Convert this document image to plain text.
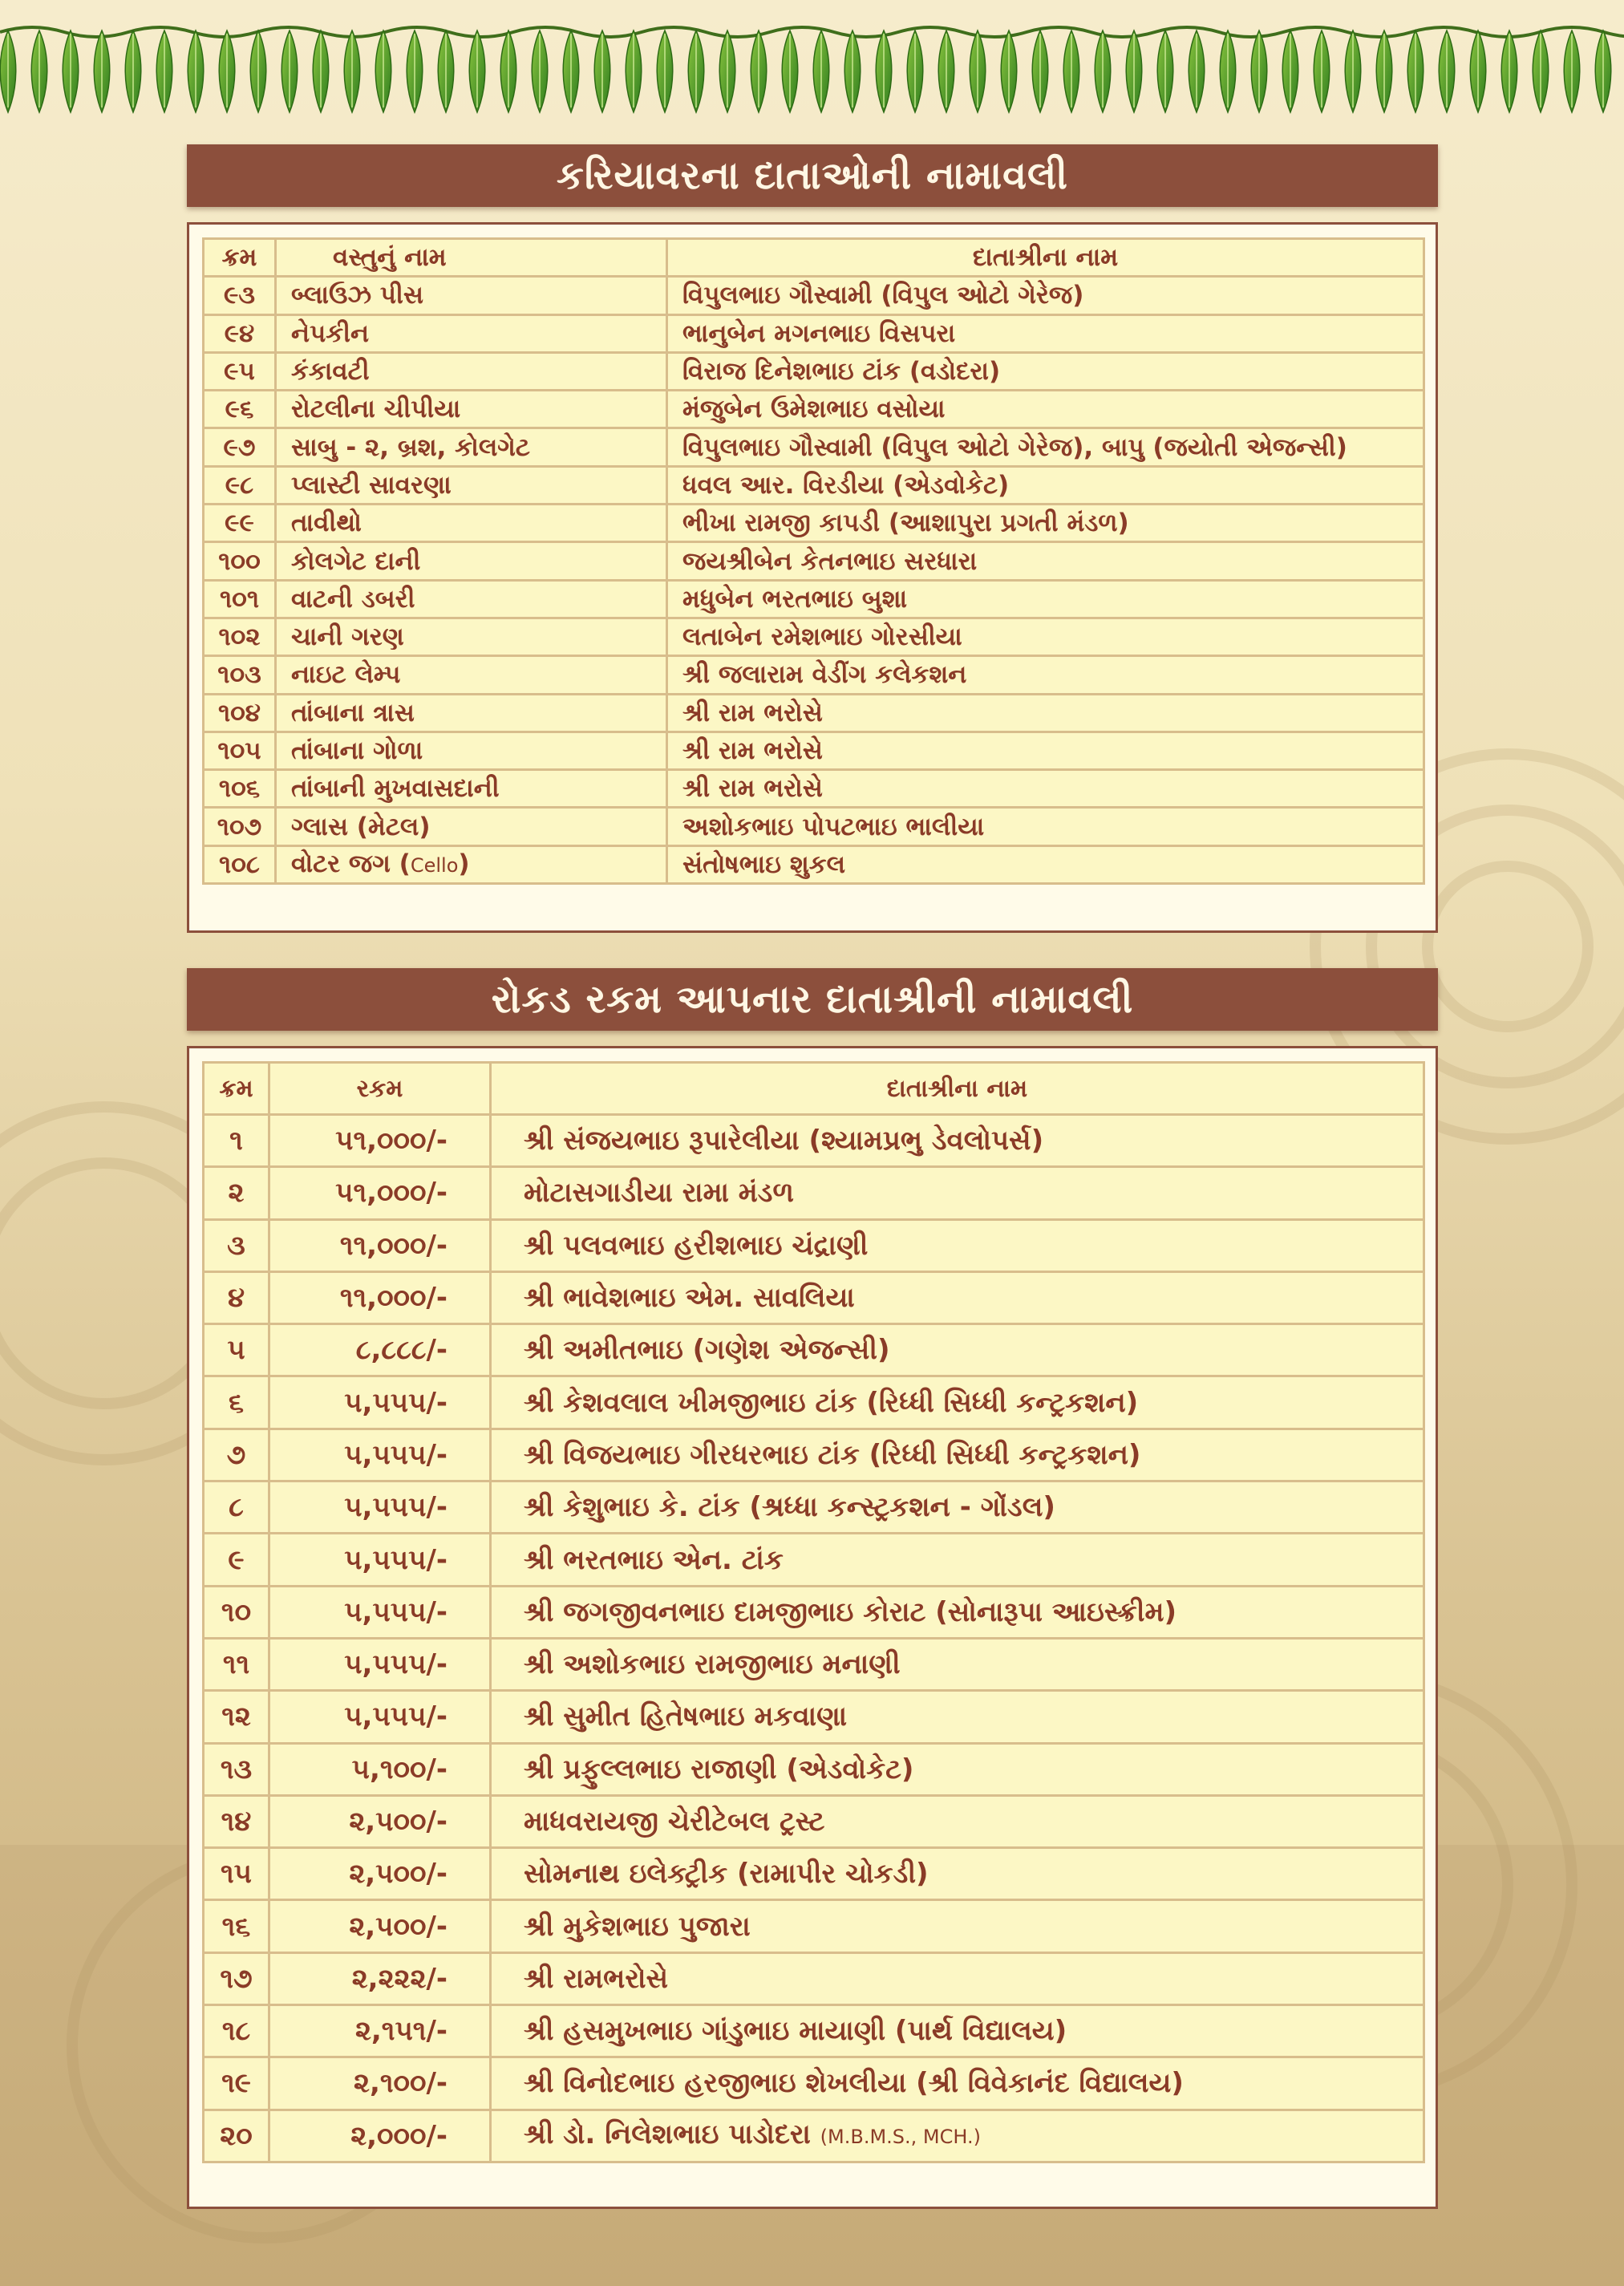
કરિયાવરના દાતાઓની નામાવલી
ક્રમ	વસ્તુનું નામ	દાતાશ્રીના નામ
૯૩	બ્લાઉઝ પીસ	વિપુલભાઇ ગૌસ્વામી (વિપુલ ઓટો ગેરેજ)
૯૪	નેપકીન	ભાનુબેન મગનભાઇ વિસપરા
૯૫	કંકાવટી	વિરાજ દિનેશભાઇ ટાંક (વડોદરા)
૯૬	રોટલીના ચીપીયા	મંજુબેન ઉમેશભાઇ વસોયા
૯૭	સાબુ - ૨, બ્રશ, કોલગેટ	વિપુલભાઇ ગૌસ્વામી (વિપુલ ઓટો ગેરેજ), બાપુ (જયોતી એજન્સી)
૯૮	પ્લાસ્ટી સાવરણા	ધવલ આર. વિરડીયા (એડવોકેટ)
૯૯	તાવીથો	ભીખા રામજી કાપડી (આશાપુરા પ્રગતી મંડળ)
૧૦૦	કોલગેટ દાની	જયશ્રીબેન કેતનભાઇ સરધારા
૧૦૧	વાટની ડબરી	મધુબેન ભરતભાઇ બુશા
૧૦૨	ચાની ગરણ	લતાબેન રમેશભાઇ ગોરસીયા
૧૦૩	નાઇટ લેમ્પ	શ્રી જલારામ વેડીંગ કલેકશન
૧૦૪	તાંબાના ત્રાસ	શ્રી રામ ભરોસે
૧૦૫	તાંબાના ગોળા	શ્રી રામ ભરોસે
૧૦૬	તાંબાની મુખવાસદાની	શ્રી રામ ભરોસે
૧૦૭	ગ્લાસ (મેટલ)	અશોકભાઇ પોપટભાઇ ભાલીયા
૧૦૮	વોટર જગ (Cello)	સંતોષભાઇ શુકલ
રોકડ રકમ આપનાર દાતાશ્રીની નામાવલી
ક્રમ	રકમ	દાતાશ્રીના નામ
૧	૫૧,૦૦૦/-	શ્રી સંજયભાઇ રૂપારેલીયા (શ્યામપ્રભુ ડેવલોપર્સ)
૨	૫૧,૦૦૦/-	મોટાસગાડીયા રામા મંડળ
૩	૧૧,૦૦૦/-	શ્રી પલવભાઇ હરીશભાઇ ચંદ્રાણી
૪	૧૧,૦૦૦/-	શ્રી ભાવેશભાઇ એમ. સાવલિયા
૫	૮,૮૮૮/-	શ્રી અમીતભાઇ (ગણેશ એજન્સી)
૬	૫,૫૫૫/-	શ્રી કેશવલાલ ખીમજીભાઇ ટાંક (રિધ્ધી સિધ્ધી કન્ટ્રકશન)
૭	૫,૫૫૫/-	શ્રી વિજયભાઇ ગીરધરભાઇ ટાંક (રિધ્ધી સિધ્ધી કન્ટ્રકશન)
૮	૫,૫૫૫/-	શ્રી કેશુભાઇ કે. ટાંક (શ્રધ્ધા કન્સ્ટ્રકશન - ગોંડલ)
૯	૫,૫૫૫/-	શ્રી ભરતભાઇ એન. ટાંક
૧૦	૫,૫૫૫/-	શ્રી જગજીવનભાઇ દામજીભાઇ કોરાટ (સોનારૂપા આઇસ્ક્રીમ)
૧૧	૫,૫૫૫/-	શ્રી અશોકભાઇ રામજીભાઇ મનાણી
૧૨	૫,૫૫૫/-	શ્રી સુમીત હિતેષભાઇ મકવાણા
૧૩	૫,૧૦૦/-	શ્રી પ્રફુલ્લભાઇ રાજાણી (એડવોકેટ)
૧૪	૨,૫૦૦/-	માધવરાયજી ચેરીટેબલ ટ્રસ્ટ
૧૫	૨,૫૦૦/-	સોમનાથ ઇલેક્ટ્રીક (રામાપીર ચોકડી)
૧૬	૨,૫૦૦/-	શ્રી મુકેશભાઇ પુજારા
૧૭	૨,૨૨૨/-	શ્રી રામભરોસે
૧૮	૨,૧૫૧/-	શ્રી હસમુખભાઇ ગાંડુભાઇ માયાણી (પાર્થ વિદ્યાલય)
૧૯	૨,૧૦૦/-	શ્રી વિનોદભાઇ હરજીભાઇ શેખલીયા (શ્રી વિવેકાનંદ વિદ્યાલય)
૨૦	૨,૦૦૦/-	શ્રી ડો. નિલેશભાઇ પાડોદરા (M.B.M.S., MCH.)
